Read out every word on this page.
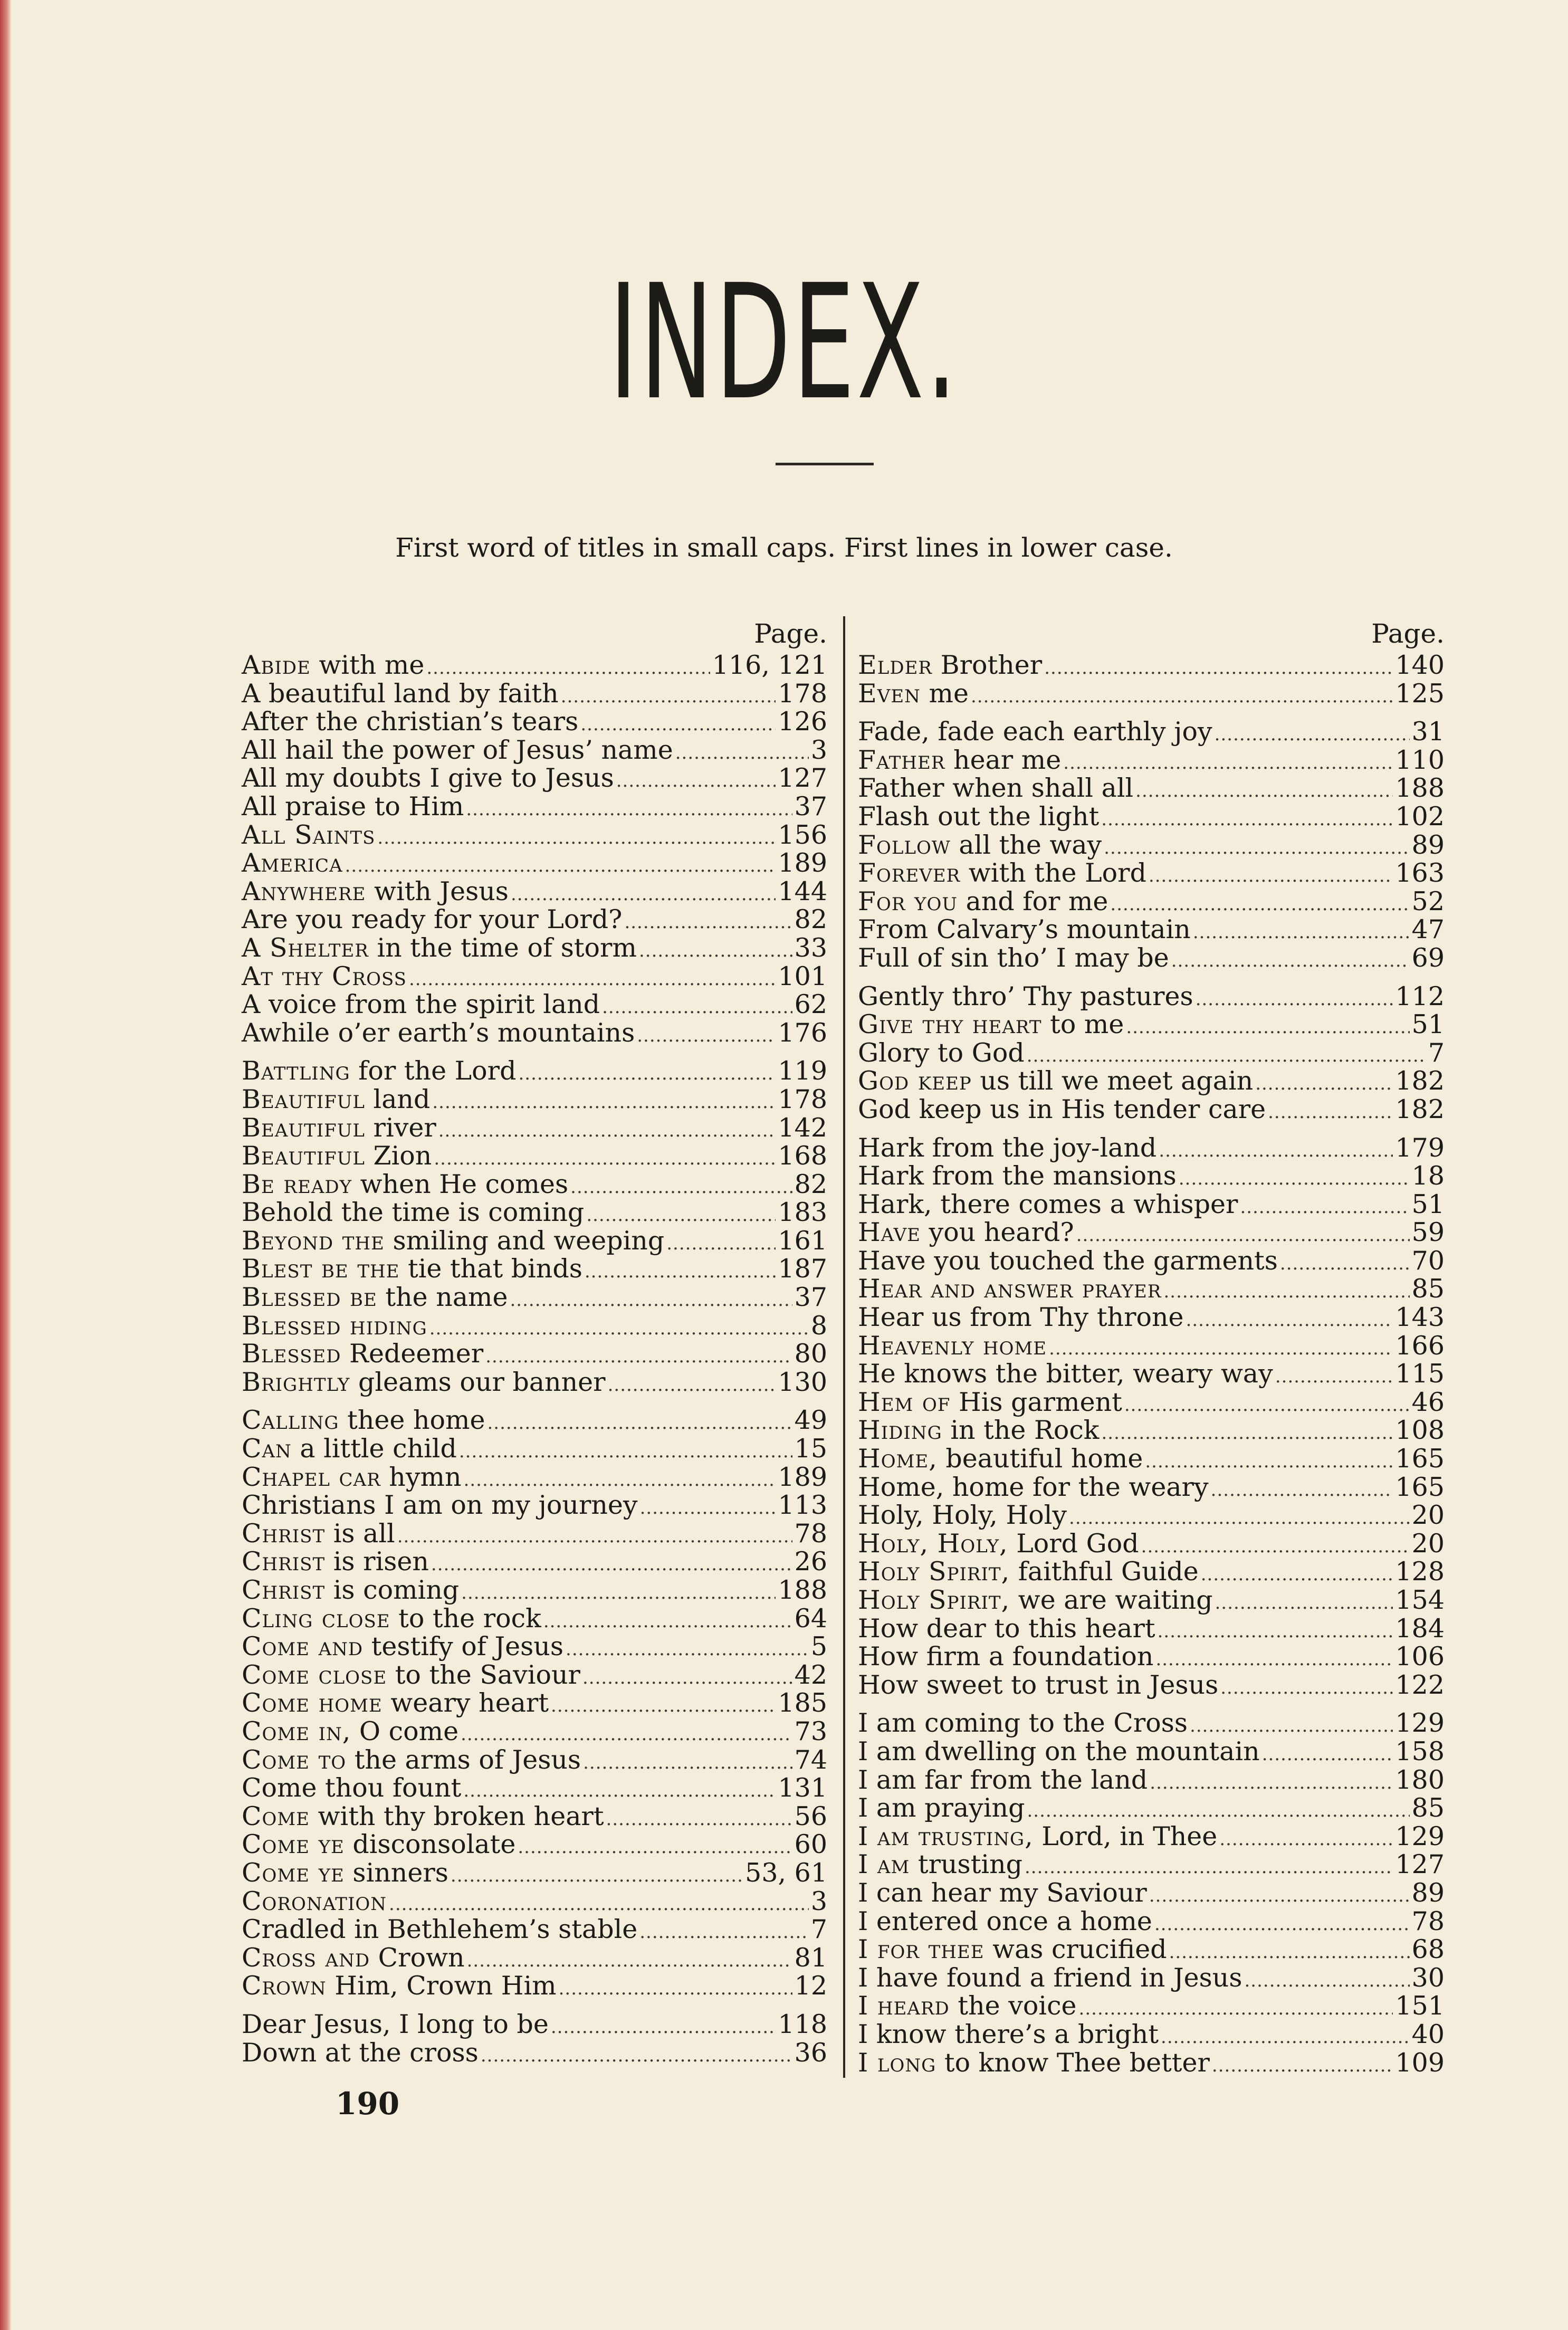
INDEX.
First word of titles in small caps. First lines in lower case.
Page.
Abide with me .....	116, 121
A beautiful land by faith .....	178
After the christian’s tears .....	126
All hail the power of Jesus’ name .....	3
All my doubts I give to Jesus .....	127
All praise to Him .....	37
All Saints .....	156
America .....	189
Anywhere with Jesus .....	144
Are you ready for your Lord? .....	82
A Shelter in the time of storm .....	33
At thy Cross .....	101
A voice from the spirit land .....	62
Awhile o’er earth’s mountains .....	176
Battling for the Lord .....	119
Beautiful land .....	178
Beautiful river .....	142
Beautiful Zion .....	168
Be ready when He comes .....	82
Behold the time is coming .....	183
Beyond the smiling and weeping .....	161
Blest be the tie that binds .....	187
Blessed be the name .....	37
Blessed hiding .....	8
Blessed Redeemer .....	80
Brightly gleams our banner .....	130
Calling thee home .....	49
Can a little child .....	15
Chapel car hymn .....	189
Christians I am on my journey .....	113
Christ is all .....	78
Christ is risen .....	26
Christ is coming .....	188
Cling close to the rock .....	64
Come and testify of Jesus .....	5
Come close to the Saviour .....	42
Come home weary heart .....	185
Come in, O come .....	73
Come to the arms of Jesus .....	74
Come thou fount .....	131
Come with thy broken heart .....	56
Come ye disconsolate .....	60
Come ye sinners .....	53, 61
Coronation .....	3
Cradled in Bethlehem’s stable .....	7
Cross and Crown .....	81
Crown Him, Crown Him .....	12
Dear Jesus, I long to be .....	118
Down at the cross .....	36
Page.
Elder Brother .....	140
Even me .....	125
Fade, fade each earthly joy .....	31
Father hear me .....	110
Father when shall all .....	188
Flash out the light .....	102
Follow all the way .....	89
Forever with the Lord .....	163
For you and for me .....	52
From Calvary’s mountain .....	47
Full of sin tho’ I may be .....	69
Gently thro’ Thy pastures .....	112
Give thy heart to me .....	51
Glory to God .....	7
God keep us till we meet again .....	182
God keep us in His tender care .....	182
Hark from the joy-land .....	179
Hark from the mansions .....	18
Hark, there comes a whisper .....	51
Have you heard? .....	59
Have you touched the garments .....	70
Hear and answer prayer .....	85
Hear us from Thy throne .....	143
Heavenly home .....	166
He knows the bitter, weary way .....	115
Hem of His garment .....	46
Hiding in the Rock .....	108
Home, beautiful home .....	165
Home, home for the weary .....	165
Holy, Holy, Holy .....	20
Holy, Holy, Lord God .....	20
Holy Spirit, faithful Guide .....	128
Holy Spirit, we are waiting .....	154
How dear to this heart .....	184
How firm a foundation .....	106
How sweet to trust in Jesus .....	122
I am coming to the Cross .....	129
I am dwelling on the mountain .....	158
I am far from the land .....	180
I am praying .....	85
I am trusting, Lord, in Thee .....	129
I am trusting .....	127
I can hear my Saviour .....	89
I entered once a home .....	78
I for thee was crucified .....	68
I have found a friend in Jesus .....	30
I heard the voice .....	151
I know there’s a bright .....	40
I long to know Thee better .....	109
190
